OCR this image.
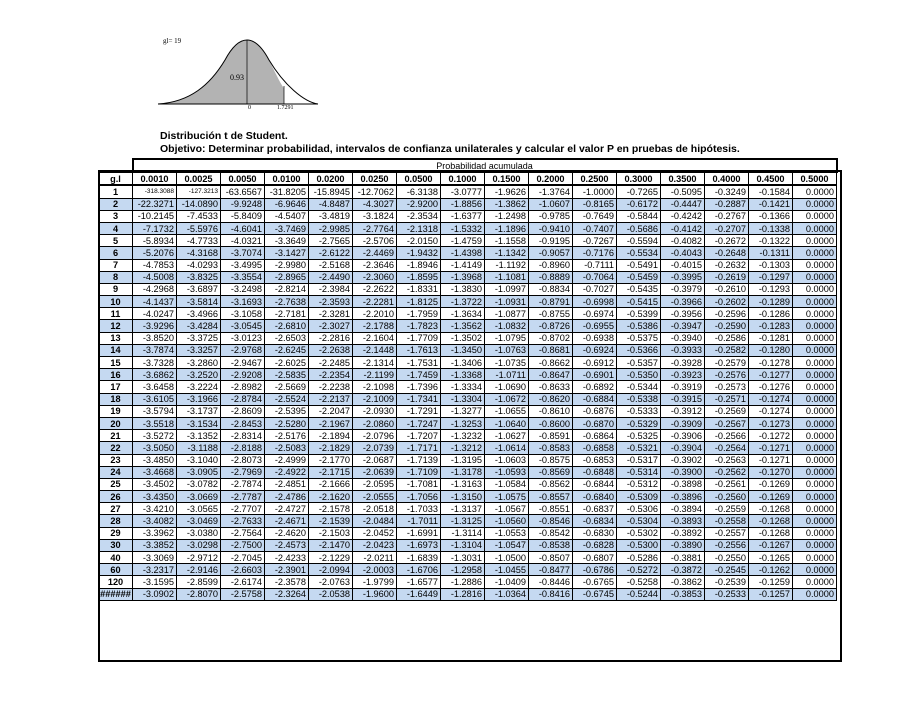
gl= 19
0.93
0	1.7291
Distribución t de Student.
Objetivo: Determinar probabilidad, intervalos de confianza unilaterales y calcular el valor P en pruebas de hipótesis.
	Probabilidad acumulada															
g.l	0.0010	0.0025	0.0050	0.0100	0.0200	0.0250	0.0500	0.1000	0.1500	0.2000	0.2500	0.3000	0.3500	0.4000	0.4500	0.5000
1	-318.3088	-127.3213	-63.6567	-31.8205	-15.8945	-12.7062	-6.3138	-3.0777	-1.9626	-1.3764	-1.0000	-0.7265	-0.5095	-0.3249	-0.1584	0.0000
2	-22.3271	-14.0890	-9.9248	-6.9646	-4.8487	-4.3027	-2.9200	-1.8856	-1.3862	-1.0607	-0.8165	-0.6172	-0.4447	-0.2887	-0.1421	0.0000
3	-10.2145	-7.4533	-5.8409	-4.5407	-3.4819	-3.1824	-2.3534	-1.6377	-1.2498	-0.9785	-0.7649	-0.5844	-0.4242	-0.2767	-0.1366	0.0000
4	-7.1732	-5.5976	-4.6041	-3.7469	-2.9985	-2.7764	-2.1318	-1.5332	-1.1896	-0.9410	-0.7407	-0.5686	-0.4142	-0.2707	-0.1338	0.0000
5	-5.8934	-4.7733	-4.0321	-3.3649	-2.7565	-2.5706	-2.0150	-1.4759	-1.1558	-0.9195	-0.7267	-0.5594	-0.4082	-0.2672	-0.1322	0.0000
6	-5.2076	-4.3168	-3.7074	-3.1427	-2.6122	-2.4469	-1.9432	-1.4398	-1.1342	-0.9057	-0.7176	-0.5534	-0.4043	-0.2648	-0.1311	0.0000
7	-4.7853	-4.0293	-3.4995	-2.9980	-2.5168	-2.3646	-1.8946	-1.4149	-1.1192	-0.8960	-0.7111	-0.5491	-0.4015	-0.2632	-0.1303	0.0000
8	-4.5008	-3.8325	-3.3554	-2.8965	-2.4490	-2.3060	-1.8595	-1.3968	-1.1081	-0.8889	-0.7064	-0.5459	-0.3995	-0.2619	-0.1297	0.0000
9	-4.2968	-3.6897	-3.2498	-2.8214	-2.3984	-2.2622	-1.8331	-1.3830	-1.0997	-0.8834	-0.7027	-0.5435	-0.3979	-0.2610	-0.1293	0.0000
10	-4.1437	-3.5814	-3.1693	-2.7638	-2.3593	-2.2281	-1.8125	-1.3722	-1.0931	-0.8791	-0.6998	-0.5415	-0.3966	-0.2602	-0.1289	0.0000
11	-4.0247	-3.4966	-3.1058	-2.7181	-2.3281	-2.2010	-1.7959	-1.3634	-1.0877	-0.8755	-0.6974	-0.5399	-0.3956	-0.2596	-0.1286	0.0000
12	-3.9296	-3.4284	-3.0545	-2.6810	-2.3027	-2.1788	-1.7823	-1.3562	-1.0832	-0.8726	-0.6955	-0.5386	-0.3947	-0.2590	-0.1283	0.0000
13	-3.8520	-3.3725	-3.0123	-2.6503	-2.2816	-2.1604	-1.7709	-1.3502	-1.0795	-0.8702	-0.6938	-0.5375	-0.3940	-0.2586	-0.1281	0.0000
14	-3.7874	-3.3257	-2.9768	-2.6245	-2.2638	-2.1448	-1.7613	-1.3450	-1.0763	-0.8681	-0.6924	-0.5366	-0.3933	-0.2582	-0.1280	0.0000
15	-3.7328	-3.2860	-2.9467	-2.6025	-2.2485	-2.1314	-1.7531	-1.3406	-1.0735	-0.8662	-0.6912	-0.5357	-0.3928	-0.2579	-0.1278	0.0000
16	-3.6862	-3.2520	-2.9208	-2.5835	-2.2354	-2.1199	-1.7459	-1.3368	-1.0711	-0.8647	-0.6901	-0.5350	-0.3923	-0.2576	-0.1277	0.0000
17	-3.6458	-3.2224	-2.8982	-2.5669	-2.2238	-2.1098	-1.7396	-1.3334	-1.0690	-0.8633	-0.6892	-0.5344	-0.3919	-0.2573	-0.1276	0.0000
18	-3.6105	-3.1966	-2.8784	-2.5524	-2.2137	-2.1009	-1.7341	-1.3304	-1.0672	-0.8620	-0.6884	-0.5338	-0.3915	-0.2571	-0.1274	0.0000
19	-3.5794	-3.1737	-2.8609	-2.5395	-2.2047	-2.0930	-1.7291	-1.3277	-1.0655	-0.8610	-0.6876	-0.5333	-0.3912	-0.2569	-0.1274	0.0000
20	-3.5518	-3.1534	-2.8453	-2.5280	-2.1967	-2.0860	-1.7247	-1.3253	-1.0640	-0.8600	-0.6870	-0.5329	-0.3909	-0.2567	-0.1273	0.0000
21	-3.5272	-3.1352	-2.8314	-2.5176	-2.1894	-2.0796	-1.7207	-1.3232	-1.0627	-0.8591	-0.6864	-0.5325	-0.3906	-0.2566	-0.1272	0.0000
22	-3.5050	-3.1188	-2.8188	-2.5083	-2.1829	-2.0739	-1.7171	-1.3212	-1.0614	-0.8583	-0.6858	-0.5321	-0.3904	-0.2564	-0.1271	0.0000
23	-3.4850	-3.1040	-2.8073	-2.4999	-2.1770	-2.0687	-1.7139	-1.3195	-1.0603	-0.8575	-0.6853	-0.5317	-0.3902	-0.2563	-0.1271	0.0000
24	-3.4668	-3.0905	-2.7969	-2.4922	-2.1715	-2.0639	-1.7109	-1.3178	-1.0593	-0.8569	-0.6848	-0.5314	-0.3900	-0.2562	-0.1270	0.0000
25	-3.4502	-3.0782	-2.7874	-2.4851	-2.1666	-2.0595	-1.7081	-1.3163	-1.0584	-0.8562	-0.6844	-0.5312	-0.3898	-0.2561	-0.1269	0.0000
26	-3.4350	-3.0669	-2.7787	-2.4786	-2.1620	-2.0555	-1.7056	-1.3150	-1.0575	-0.8557	-0.6840	-0.5309	-0.3896	-0.2560	-0.1269	0.0000
27	-3.4210	-3.0565	-2.7707	-2.4727	-2.1578	-2.0518	-1.7033	-1.3137	-1.0567	-0.8551	-0.6837	-0.5306	-0.3894	-0.2559	-0.1268	0.0000
28	-3.4082	-3.0469	-2.7633	-2.4671	-2.1539	-2.0484	-1.7011	-1.3125	-1.0560	-0.8546	-0.6834	-0.5304	-0.3893	-0.2558	-0.1268	0.0000
29	-3.3962	-3.0380	-2.7564	-2.4620	-2.1503	-2.0452	-1.6991	-1.3114	-1.0553	-0.8542	-0.6830	-0.5302	-0.3892	-0.2557	-0.1268	0.0000
30	-3.3852	-3.0298	-2.7500	-2.4573	-2.1470	-2.0423	-1.6973	-1.3104	-1.0547	-0.8538	-0.6828	-0.5300	-0.3890	-0.2556	-0.1267	0.0000
40	-3.3069	-2.9712	-2.7045	-2.4233	-2.1229	-2.0211	-1.6839	-1.3031	-1.0500	-0.8507	-0.6807	-0.5286	-0.3881	-0.2550	-0.1265	0.0000
60	-3.2317	-2.9146	-2.6603	-2.3901	-2.0994	-2.0003	-1.6706	-1.2958	-1.0455	-0.8477	-0.6786	-0.5272	-0.3872	-0.2545	-0.1262	0.0000
120	-3.1595	-2.8599	-2.6174	-2.3578	-2.0763	-1.9799	-1.6577	-1.2886	-1.0409	-0.8446	-0.6765	-0.5258	-0.3862	-0.2539	-0.1259	0.0000
######	-3.0902	-2.8070	-2.5758	-2.3264	-2.0538	-1.9600	-1.6449	-1.2816	-1.0364	-0.8416	-0.6745	-0.5244	-0.3853	-0.2533	-0.1257	0.0000
